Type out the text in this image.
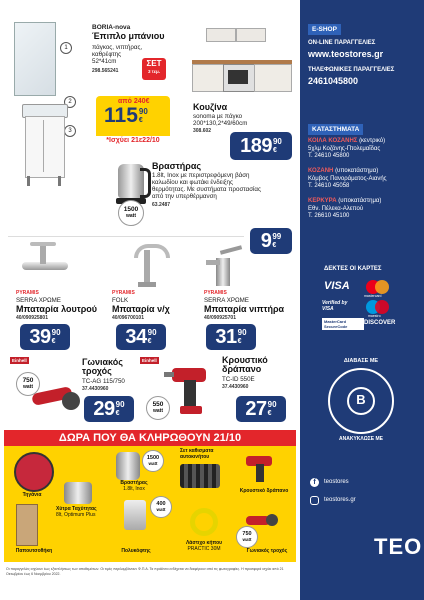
1
2
3
BORIA-nova
Έπιπλο μπάνιου
πάγκος, νιπτήρας,
καθρέφτης
52*41cm
298.565241
ΣΕΤ
3 τεμ.
από 240€
115 90
€
*Ισχύει 21ε22/10
Κουζίνα
sonoma με πάγκο
200*130,2*49/60cm
308.602
189 90
€
1500
watt
Βραστήρας
1.8lt, Inox με περιστρεφόμενη βάση
καλωδίου και φωτάκι ένδειξης
θερμότητας. Με συστήματα προστασίας
από την υπερθέρμανση
63.2487
9 99
€
PYRAMIS
SERRA ΧΡΩΜΕ
Μπαταρία λουτρού
40/090925801
39 90
€
PYRAMIS
FOLK
Μπαταρία ν/χ
40/096700101
34 90
€
PYRAMIS
SERRA ΧΡΩΜΕ
Μπαταρία νιπτήρα
40/090925701
31 90
€
Einhell
750
watt
Γωνιακός
τροχός
TC-AG 115/750
37.4430960
29 90
€
Einhell
550
watt
Κρουστικό
δράπανο
TC-ID 550E
37.4430960
27 90
€
ΔΩΡΑ ΠΟΥ ΘΑ ΚΛΗΡΩΘΟΥΝ 21/10
Τηγάνια
1500
watt
Βραστήρας
1.8lt, Inox
Σετ καθισματα αυτοκινήτου
Κρουστικό δράπανο
Χύτρα Ταχύτητας
8lt, Optimum Plus
400
watt
Πολυκόφτης
Λάστιχο κήπου
PRACTIC 30M
750
watt
Γωνιακός τροχός
Παπουτσοθήκη
Οι παραγγελίες ισχύουν έως εξαντλήσεως των αποθεμάτων. Οι τιμές περιλαμβάνουν Φ.Π.Α. Τα προϊόντα ενδέχεται να διαφέρουν από τις φωτογραφίες. Η προσφορά ισχύει από 21 Οκτωβρίου έως 6 Νοεμβρίου 2022.
E-SHOP
ON-LINE ΠΑΡΑΓΓΕΛΙΕΣ
www.teostores.gr
ΤΗΛΕΦΩΝΙΚΕΣ ΠΑΡΑΓΓΕΛΙΕΣ
2461045800
ΚΑΤΑΣΤΗΜΑΤΑ
ΚΟΙΛΑ ΚΟΖΑΝΗΣ (κεντρικό)
5χλμ Κοζάνης-Πτολεμαΐδας
Τ. 24610 45800
ΚΟΖΑΝΗ (υποκατάστημα)
Κόμβος Πανοράματος-Αιανής
Τ. 24610 45058
ΚΕΡΚΥΡΑ (υποκατάστημα)
Εθν. Πέλεκα-Αλεπού
Τ. 26610 45100
ΔΕΚΤΕΣ ΟΙ ΚΑΡΤΕΣ
VISA
mastercard
Verified by VISA
maestro
MasterCard SecureCode
DISCOVER
B
ΔΙΑΒΑΣΕ ΜΕ
ΑΝΑΚΥΚΛΩΣΕ ΜΕ
f	teostores
teostores.gr
TEO
